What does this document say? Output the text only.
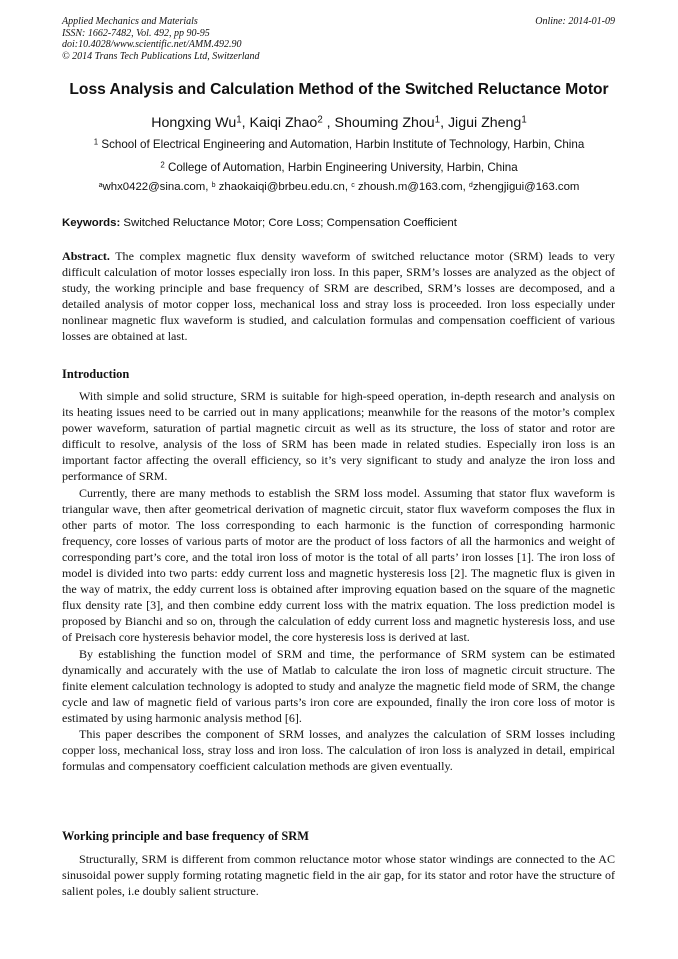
Applied Mechanics and Materials
ISSN: 1662-7482, Vol. 492, pp 90-95
doi:10.4028/www.scientific.net/AMM.492.90
© 2014 Trans Tech Publications Ltd, Switzerland
Online: 2014-01-09
Loss Analysis and Calculation Method of the Switched Reluctance Motor
Hongxing Wu$^1$, Kaiqi Zhao$^2$ , Shouming Zhou$^1$, Jigui Zheng$^1$
$^1$ School of Electrical Engineering and Automation, Harbin Institute of Technology, Harbin, China
$^2$ College of Automation, Harbin Engineering University, Harbin, China
$^a$whx0422@sina.com, $^b$ zhaokaiqi@brbeu.edu.cn, $^c$ zhoush.m@163.com, $^d$zhengjigui@163.com
Keywords: Switched Reluctance Motor; Core Loss; Compensation Coefficient
Abstract. The complex magnetic flux density waveform of switched reluctance motor (SRM) leads to very difficult calculation of motor losses especially iron loss. In this paper, SRM’s losses are analyzed as the object of study, the working principle and base frequency of SRM are described, SRM’s losses are decomposed, and a detailed analysis of motor copper loss, mechanical loss and stray loss is proceeded. Iron loss especially under nonlinear magnetic flux waveform is studied, and calculation formulas and compensation coefficient of various losses are obtained at last.
Introduction

With simple and solid structure, SRM is suitable for high-speed operation, in-depth research and analysis on its heating issues need to be carried out in many applications; meanwhile for the reasons of the motor’s complex power waveform, saturation of partial magnetic circuit as well as its structure, the loss of stator and rotor are difficult to resolve, analysis of the loss of SRM has been made in related studies. Especially iron loss is an important factor affecting the overall efficiency, so it’s very significant to study and analyze the iron loss and performance of SRM.

Currently, there are many methods to establish the SRM loss model. Assuming that stator flux waveform is triangular wave, then after geometrical derivation of magnetic circuit, stator flux waveform composes the flux in other parts of motor. The loss corresponding to each harmonic is the function of corresponding harmonic frequency, core losses of various parts of motor are the product of loss factors of all the harmonics and weight of corresponding part’s core, and the total iron loss of motor is the total of all parts’ iron losses [1]. The iron loss of model is divided into two parts: eddy current loss and magnetic hysteresis loss [2]. The magnetic flux is given in the way of matrix, the eddy current loss is obtained after improving equation based on the square of the magnetic flux density rate [3], and then combine eddy current loss with the matrix equation. The loss prediction model is proposed by Bianchi and so on, through the calculation of eddy current loss and magnetic hysteresis loss, and use of Preisach core hysteresis behavior model, the core hysteresis loss is derived at last.

By establishing the function model of SRM and time, the performance of SRM system can be estimated dynamically and accurately with the use of Matlab to calculate the iron loss of magnetic circuit structure. The finite element calculation technology is adopted to study and analyze the magnetic field mode of SRM, the change cycle and law of magnetic field of various parts’s iron core are expounded, finally the iron core loss of motor is estimated by using harmonic analysis method [6].

This paper describes the component of SRM losses, and analyzes the calculation of SRM losses including copper loss, mechanical loss, stray loss and iron loss. The calculation of iron loss is analyzed in detail, empirical formulas and compensatory coefficient calculation methods are given eventually.

Working principle and base frequency of SRM

Structurally, SRM is different from common reluctance motor whose stator windings are connected to the AC sinusoidal power supply forming rotating magnetic field in the air gap, for its stator and rotor have the structure of salient poles, i.e doubly salient structure.
